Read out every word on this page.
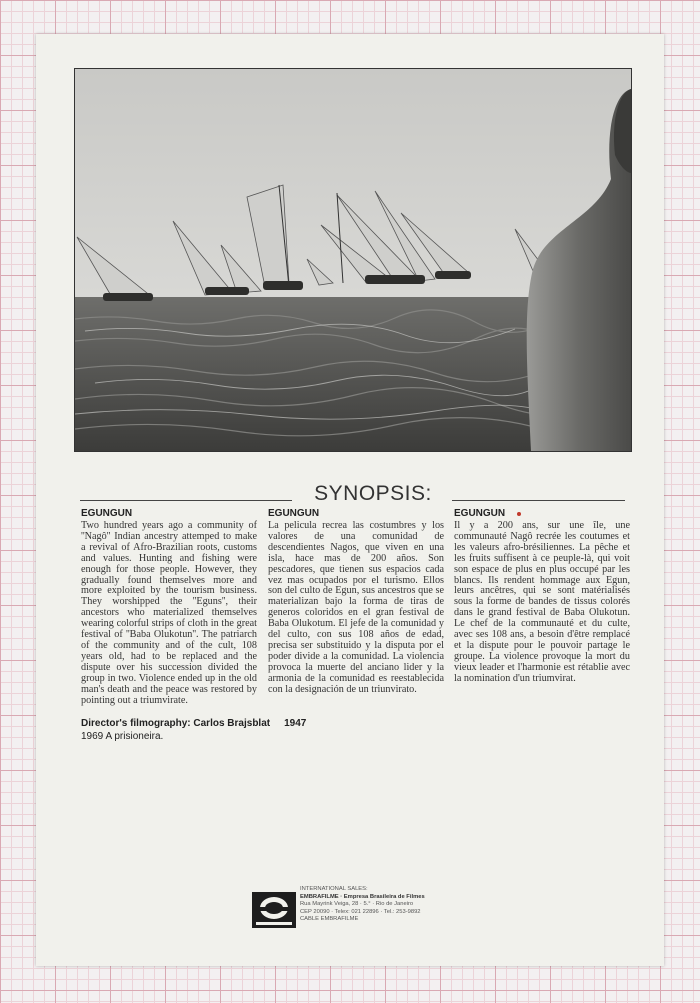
SYNOPSIS:
EGUNGUN

Two hundred years ago a community of ''Nagô'' Indian ancestry attemped to make a revival of Afro-Brazilian roots, customs and values. Hunting and fishing were enough for those people. However, they gradually found themselves more and more exploited by the tourism business. They worshipped the ''Eguns'', their ancestors who materialized themselves wearing colorful strips of cloth in the great festival of ''Baba Olukotun''. The patriarch of the community and of the cult, 108 years old, had to be replaced and the dispute over his succession divided the group in two. Violence ended up in the old man's death and the peace was restored by pointing out a triumvirate.

EGUNGUN

La pelicula recrea las costumbres y los valores de una comunidad de descendientes Nagos, que viven en una isla, hace mas de 200 años. Son pescadores, que tienen sus espacios cada vez mas ocupados por el turismo. Ellos son del culto de Egun, sus ancestros que se materializan bajo la forma de tiras de generos coloridos en el gran festival de Baba Olukotum. El jefe de la comunidad y del culto, con sus 108 años de edad, precisa ser substituido y la disputa por el poder divide a la comunidad. La violencia provoca la muerte del anciano lider y la armonia de la comunidad es reestablecida con la designación de un triunvirato.

EGUNGUN

Il y a 200 ans, sur une île, une communauté Nagô recrée les coutumes et les valeurs afro-brésiliennes. La pêche et les fruits suffisent à ce peuple-là, qui voit son espace de plus en plus occupé par les blancs. Ils rendent hommage aux Egun, leurs ancêtres, qui se sont matérialisés sous la forme de bandes de tissus colorés dans le grand festival de Baba Olukotun. Le chef de la communauté et du culte, avec ses 108 ans, a besoin d'être remplacé et la dispute pour le pouvoir partage le groupe. La violence provoque la mort du vieux leader et l'harmonie est rétablie avec la nomination d'un triumvirat.

Director's filmography: Carlos Brajsblat 1947
1969 A prisioneira.
INTERNATIONAL SALES:
EMBRAFILME · Empresa Brasileira de Filmes
Rua Mayrink Veiga, 28 · 5.° · Rio de Janeiro
CEP 20090 · Telex: 021 22896 · Tel.: 253-9892
CABLE EMBRAFILME
